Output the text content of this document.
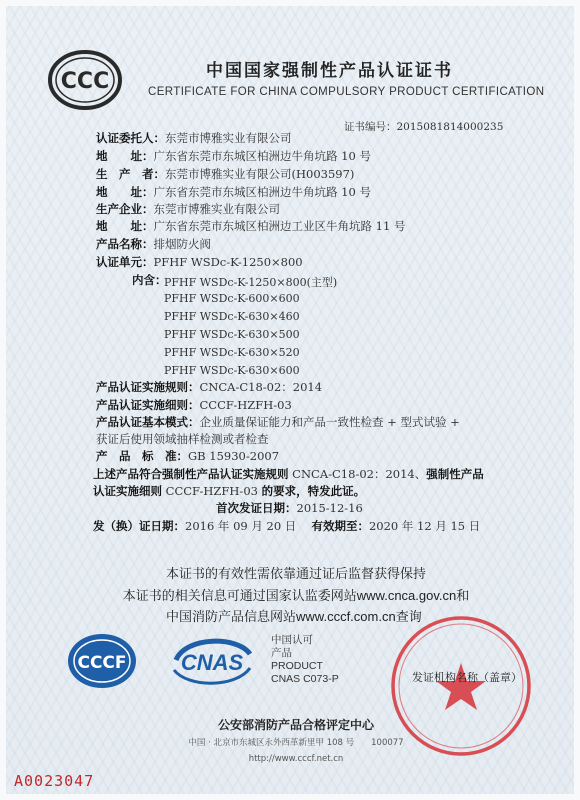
CCC	中国国家强制性产品认证证书
CERTIFICATE FOR CHINA COMPULSORY PRODUCT CERTIFICATION
证书编号：2015081814000235
认证委托人：东莞市博雅实业有限公司
地　　址：广东省东莞市东城区柏洲边牛角坑路 10 号
生　产　者：东莞市博雅实业有限公司(H003597)
地　　址：广东省东莞市东城区柏洲边牛角坑路 10 号
生产企业：东莞市博雅实业有限公司
地　　址：广东省东莞市东城区柏洲边工业区牛角坑路 11 号
产品名称：排烟防火阀
认证单元：PFHF WSDc-K-1250×800
内含：
PFHF WSDc-K-1250×800(主型)
PFHF WSDc-K-600×600
PFHF WSDc-K-630×460
PFHF WSDc-K-630×500
PFHF WSDc-K-630×520
PFHF WSDc-K-630×600
产品认证实施规则：CNCA-C18-02：2014
产品认证实施细则：CCCF-HZFH-03
产品认证基本模式：企业质量保证能力和产品一致性检查 + 型式试验 +
获证后使用领域抽样检测或者检查
产　品　标　准：GB 15930-2007
上述产品符合强制性产品认证实施规则 CNCA-C18-02：2014、强制性产品
认证实施细则 CCCF-HZFH-03 的要求，特发此证。
首次发证日期：2015-12-16
发（换）证日期：2016 年 09 月 20 日 　 有效期至：2020 年 12 月 15 日
本证书的有效性需依靠通过证后监督获得保持
本证书的相关信息可通过国家认监委网站www.cnca.gov.cn和
中国消防产品信息网站www.cccf.com.cn查询
CCCF CNAS
中国认可
产品
PRODUCT
CNAS C073-P	发证机构名称（盖章）
公安部消防产品合格评定中心
中国 · 北京市东城区永外西革新里甲 108 号　　100077
http://www.cccf.net.cn
A0023047
